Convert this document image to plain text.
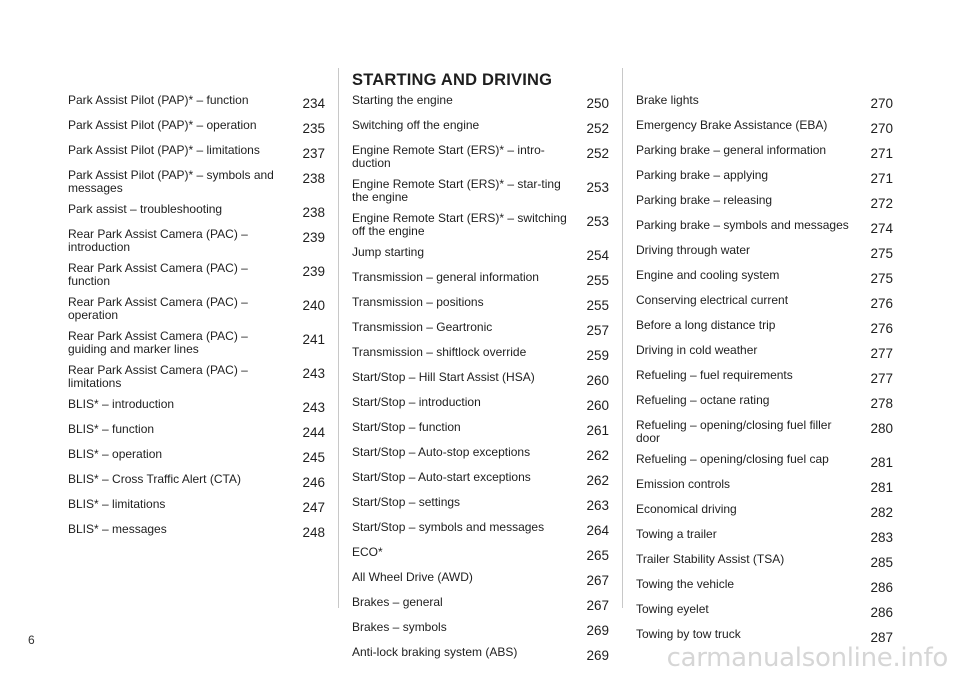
STARTING AND DRIVING
Park Assist Pilot (PAP)* – function	234
Park Assist Pilot (PAP)* – operation	235
Park Assist Pilot (PAP)* – limitations	237
Park Assist Pilot (PAP)* – symbols and messages
238
Park assist – troubleshooting	238
Rear Park Assist Camera (PAC) – introduction
239
Rear Park Assist Camera (PAC) – function
239
Rear Park Assist Camera (PAC) – operation
240
Rear Park Assist Camera (PAC) – guiding and marker lines
241
Rear Park Assist Camera (PAC) – limitations
243
BLIS* – introduction	243
BLIS* – function	244
BLIS* – operation	245
BLIS* – Cross Traffic Alert (CTA)	246
BLIS* – limitations	247
BLIS* – messages	248
Starting the engine	250
Switching off the engine	252
Engine Remote Start (ERS)* – intro-duction
252
Engine Remote Start (ERS)* – star-ting the engine
253
Engine Remote Start (ERS)* – switching off the engine
253
Jump starting	254
Transmission – general information	255
Transmission – positions	255
Transmission – Geartronic	257
Transmission – shiftlock override	259
Start/Stop – Hill Start Assist (HSA)	260
Start/Stop – introduction	260
Start/Stop – function	261
Start/Stop – Auto-stop exceptions	262
Start/Stop – Auto-start exceptions	262
Start/Stop – settings	263
Start/Stop – symbols and messages	264
ECO*	265
All Wheel Drive (AWD)	267
Brakes – general	267
Brakes – symbols	269
Anti-lock braking system (ABS)	269
Brake lights	270
Emergency Brake Assistance (EBA)	270
Parking brake – general information	271
Parking brake – applying	271
Parking brake – releasing	272
Parking brake – symbols and messages	274
Driving through water	275
Engine and cooling system	275
Conserving electrical current	276
Before a long distance trip	276
Driving in cold weather	277
Refueling – fuel requirements	277
Refueling – octane rating	278
Refueling – opening/closing fuel filler door
280
Refueling – opening/closing fuel cap	281
Emission controls	281
Economical driving	282
Towing a trailer	283
Trailer Stability Assist (TSA)	285
Towing the vehicle	286
Towing eyelet	286
Towing by tow truck	287
6
carmanualsonline.info
